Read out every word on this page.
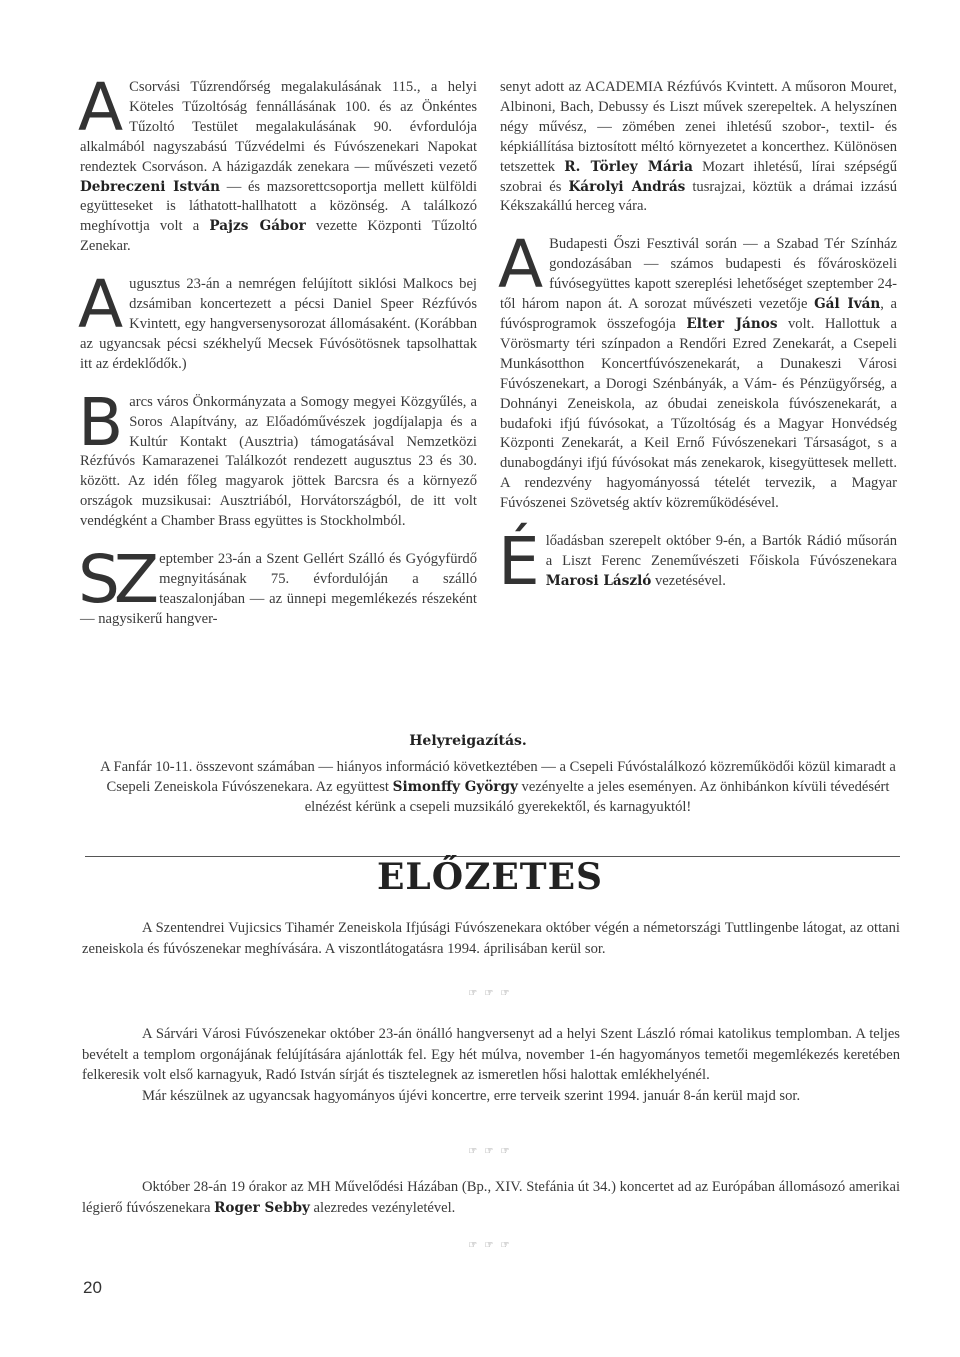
A Csorvási Tűzrendőrség megalakulásának 115., a helyi Köteles Tűzoltóság fennállásának 100. és az Önkéntes Tűzoltó Testület megalakulásának 90. évfordulója alkalmából nagyszabású Tűzvédelmi és Fúvószenekari Napokat rendeztek Csorváson. A házigazdák zenekara — művészeti vezető Debreczeni István — és mazsorettcsoportja mellett külföldi együtteseket is láthatott-hallhatott a közönség. A találkozó meghívottja volt a Pajzs Gábor vezette Központi Tűzoltó Zenekar.
Augusztus 23-án a nemrégen felújított siklósi Malkocs bej dzsámiban koncertezett a pécsi Daniel Speer Rézfúvós Kvintett, egy hangversenysorozat állomásaként. (Korábban az ugyancsak pécsi székhelyű Mecsek Fúvósötösnek tapsolhattak itt az érdeklődők.)
Barcs város Önkormányzata a Somogy megyei Közgyűlés, a Soros Alapítvány, az Előadóművészek jogdíjalapja és a Kultúr Kontakt (Ausztria) támogatásával Nemzetközi Rézfúvós Kamarazenei Találkozót rendezett augusztus 23 és 30. között. Az idén főleg magyarok jöttek Barcsra és a környező országok muzsikusai: Ausztriából, Horvátországból, de itt volt vendégként a Chamber Brass együttes is Stockholmból.
SZ eptember 23-án a Szent Gellért Szálló és Gyógyfürdő megnyitásának 75. évfordulóján a szálló teaszalonjában — az ünnepi megemlékezés részeként — nagysikerű hangver-
senyt adott az ACADEMIA Rézfúvós Kvintett. A műsoron Mouret, Albinoni, Bach, Debussy és Liszt művek szerepeltek. A helyszínen négy művész, — zömében zenei ihletésű szobor-, textil- és képkiállítása biztosított méltó környezetet a koncerthez. Különösen tetszettek R. Törley Mária Mozart ihletésű, lírai szépségű szobrai és Károlyi András tusrajzai, köztük a drámai izzású Kékszakállú herceg vára.
A Budapesti Őszi Fesztivál során — a Szabad Tér Színház gondozásában — számos budapesti és fővárosközeli fúvósegyüttes kapott szereplési lehetőséget szeptember 24-től három napon át. A sorozat művészeti vezetője Gál Iván, a fúvósprogramok összefogója Elter János volt. Hallottuk a Vörösmarty téri színpadon a Rendőri Ezred Zenekarát, a Csepeli Munkásotthon Koncertfúvószenekarát, a Dunakeszi Városi Fúvószenekart, a Dorogi Szénbányák, a Vám- és Pénzügyőrség, a Dohnányi Zeneiskola, az óbudai zeneiskola fúvószenekarát, a budafoki ifjú fúvósokat, a Tűzoltóság és a Magyar Honvédség Központi Zenekarát, a Keil Ernő Fúvószenekari Társaságot, s a dunabogdányi ifjú fúvósokat más zenekarok, kisegyüttesek mellett. A rendezvény hagyományossá tételét tervezik, a Magyar Fúvószenei Szövetség aktív közreműködésével.
Élőadásban szerepelt október 9-én, a Bartók Rádió műsorán a Liszt Ferenc Zeneművészeti Főiskola Fúvószenekara Marosi László vezetésével.
Helyreigazítás.
A Fanfár 10-11. összevont számában — hiányos információ következtében — a Csepeli Fúvóstalálkozó közreműködői közül kimaradt a Csepeli Zeneiskola Fúvószenekara. Az együttest Simonffy György vezényelte a jeles eseményen. Az önhibánkon kívüli tévedésért elnézést kérünk a csepeli muzsikáló gyerekektől, és karnagyuktól!
ELŐZETES

A Szentendrei Vujicsics Tihamér Zeneiskola Ifjúsági Fúvószenekara október végén a németországi Tuttlingenbe látogat, az ottani zeneiskola és fúvószenekar meghívására. A viszontlátogatásra 1994. áprilisában kerül sor.

☞ ☞ ☞

A Sárvári Városi Fúvószenekar október 23-án önálló hangversenyt ad a helyi Szent László római katolikus templomban. A teljes bevételt a templom orgonájának felújítására ajánlották fel. Egy hét múlva, november 1-én hagyományos temetői megemlékezés keretében felkeresik volt első karnagyuk, Radó István sírját és tisztelegnek az ismeretlen hősi halottak emlékhelyénél.

Már készülnek az ugyancsak hagyományos újévi koncertre, erre terveik szerint 1994. január 8-án kerül majd sor.

☞ ☞ ☞

Október 28-án 19 órakor az MH Művelődési Házában (Bp., XIV. Stefánia út 34.) koncertet ad az Európában állomásozó amerikai légierő fúvószenekara Roger Sebby alezredes vezényletével.

☞ ☞ ☞
20
